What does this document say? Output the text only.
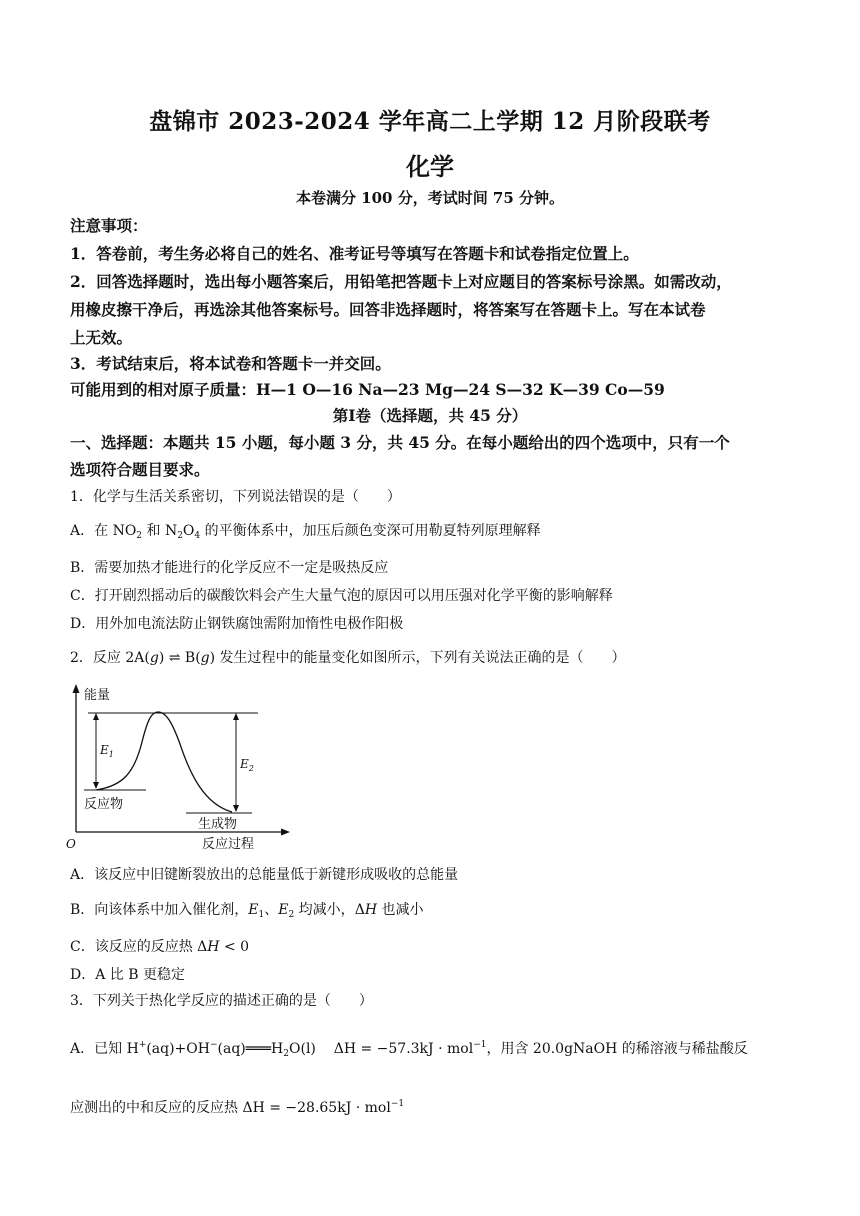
盘锦市 2023-2024 学年高二上学期 12 月阶段联考
化学
本卷满分 100 分，考试时间 75 分钟。
注意事项：
1．答卷前，考生务必将自己的姓名、准考证号等填写在答题卡和试卷指定位置上。
2．回答选择题时，选出每小题答案后，用铅笔把答题卡上对应题目的答案标号涂黑。如需改动，
用橡皮擦干净后，再选涂其他答案标号。回答非选择题时，将答案写在答题卡上。写在本试卷
上无效。
3．考试结束后，将本试卷和答题卡一并交回。
可能用到的相对原子质量：H—1 O—16 Na—23 Mg—24 S—32 K—39 Co—59
第Ⅰ卷（选择题，共 45 分）
一、选择题：本题共 15 小题，每小题 3 分，共 45 分。在每小题给出的四个选项中，只有一个
选项符合题目要求。
1．化学与生活关系密切，下列说法错误的是（　　）
A．在 $NO_2$ 和 $N_2O_4$ 的平衡体系中，加压后颜色变深可用勒夏特列原理解释
B．需要加热才能进行的化学反应不一定是吸热反应
C．打开剧烈摇动后的碳酸饮料会产生大量气泡的原因可以用压强对化学平衡的影响解释
D．用外加电流法防止钢铁腐蚀需附加惰性电极作阳极
2．反应 2A(g) ⇌ B(g) 发生过程中的能量变化如图所示，下列有关说法正确的是（　　）
能量
O	反应过程
反应物
生成物
$E_1$
$E_2$
A．该反应中旧键断裂放出的总能量低于新键形成吸收的总能量
B．向该体系中加入催化剂，$E_1$、$E_2$ 均减小，ΔH 也减小
C．该反应的反应热 ΔH < 0
D．A 比 B 更稳定
3．下列关于热化学反应的描述正确的是（　　）
A．已知 $H^+(aq)+OH^-(aq)═══H_2O(l) \Delta H = -57.3kJ \cdot mol^{-1}$，用含 20.0gNaOH 的稀溶液与稀盐酸反
应测出的中和反应的反应热 ΔH = −28.65kJ · mol$^{-1}$
